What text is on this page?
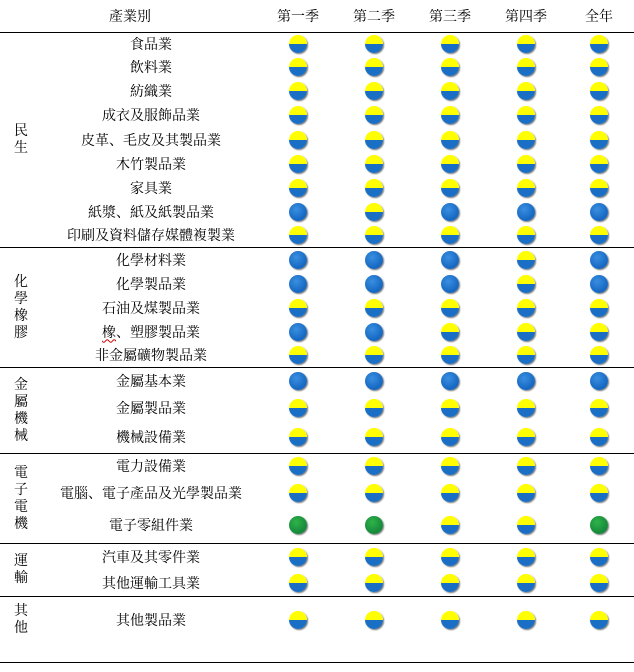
產業別		第一季	第二季	第三季	第四季	全年

民
生	食品業					
	飲料業					
	紡織業					
	成衣及服飾品業					
	皮革、毛皮及其製品業					
	木竹製品業					
	家具業					
	紙漿、紙及紙製品業					
	印刷及資料儲存媒體複製業					

化
學
橡
膠	化學材料業					
	化學製品業					
	石油及煤製品業					
	橡、塑膠製品業					
	非金屬礦物製品業					

金
屬
機
械	金屬基本業					
	金屬製品業					
	機械設備業					

電
子
電
機	電力設備業					
	電腦、電子產品及光學製品業					
	電子零組件業					

運
輸	汽車及其零件業					
	其他運輸工具業					

其
他	其他製品業					
